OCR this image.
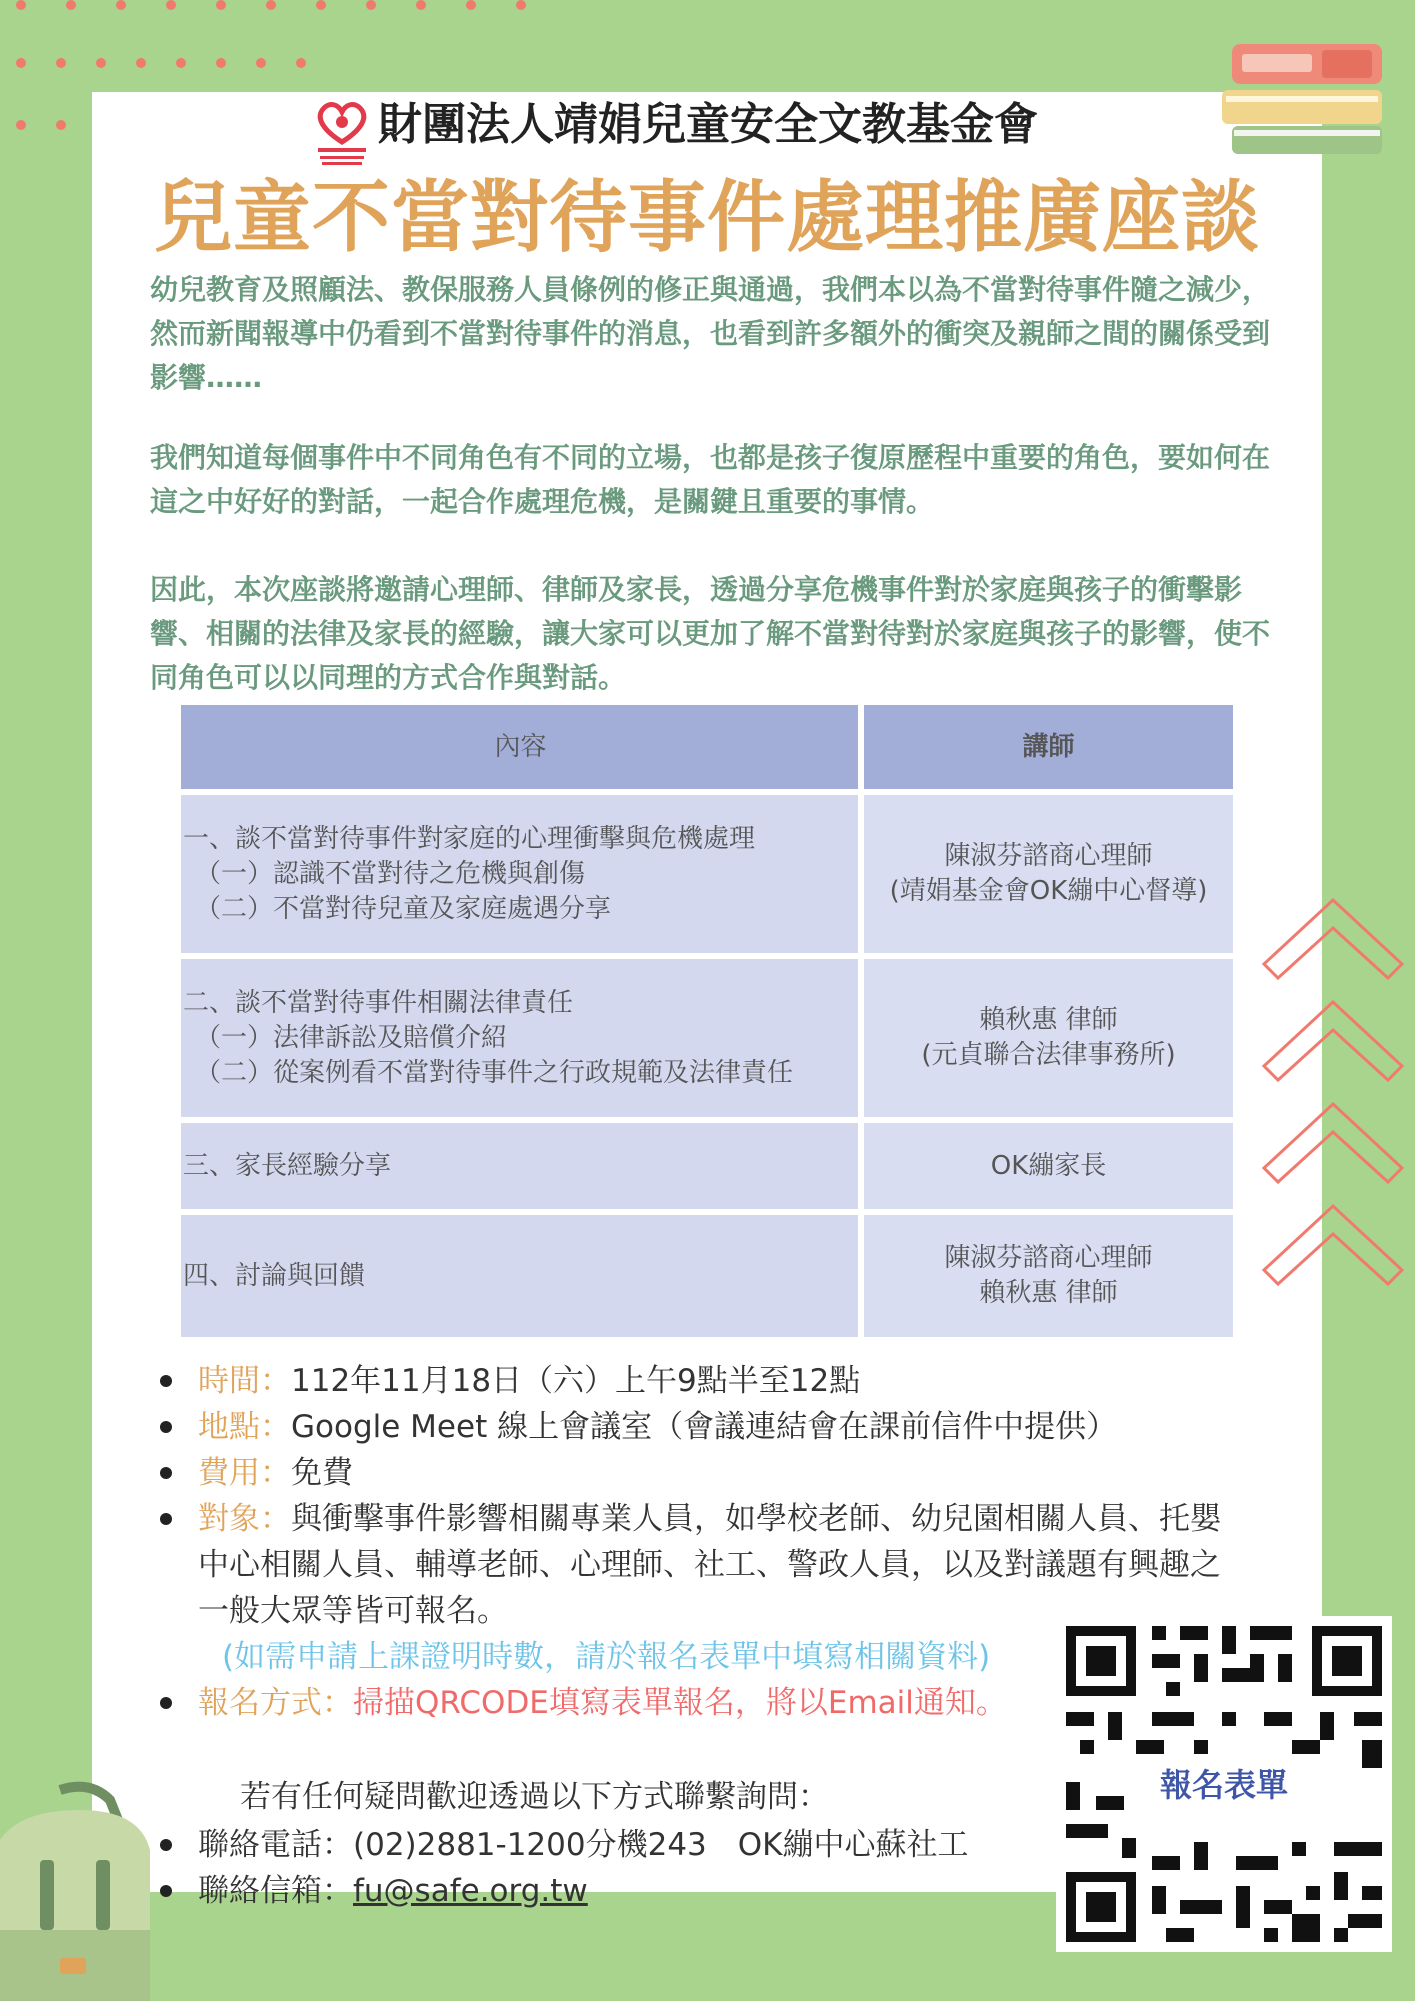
財團法人靖娟兒童安全文教基金會
兒童不當對待事件處理推廣座談

幼兒教育及照顧法、教保服務人員條例的修正與通過，我們本以為不當對待事件隨之減少，然而新聞報導中仍看到不當對待事件的消息，也看到許多額外的衝突及親師之間的關係受到影響……

我們知道每個事件中不同角色有不同的立場，也都是孩子復原歷程中重要的角色，要如何在這之中好好的對話，一起合作處理危機，是關鍵且重要的事情。

因此，本次座談將邀請心理師、律師及家長，透過分享危機事件對於家庭與孩子的衝擊影響、相關的法律及家長的經驗，讓大家可以更加了解不當對待對於家庭與孩子的影響，使不同角色可以以同理的方式合作與對話。

內容	講師
一、談不當對待事件對家庭的心理衝擊與危機處理
（一）認識不當對待之危機與創傷
（二）不當對待兒童及家庭處遇分享
陳淑芬諮商心理師
(靖娟基金會OK繃中心督導)
二、談不當對待事件相關法律責任
（一）法律訴訟及賠償介紹
（二）從案例看不當對待事件之行政規範及法律責任
賴秋惠 律師
(元貞聯合法律事務所)
三、家長經驗分享	OK繃家長
四、討論與回饋
陳淑芬諮商心理師
賴秋惠 律師
時間：112年11月18日（六）上午9點半至12點
地點：Google Meet 線上會議室（會議連結會在課前信件中提供）
費用：免費
對象：與衝擊事件影響相關專業人員，如學校老師、幼兒園相關人員、托嬰中心相關人員、輔導老師、心理師、社工、警政人員，以及對議題有興趣之一般大眾等皆可報名。
(如需申請上課證明時數，請於報名表單中填寫相關資料)
報名方式：掃描QRCODE填寫表單報名，將以Email通知。
若有任何疑問歡迎透過以下方式聯繫詢問：
聯絡電話：(02)2881-1200分機243　OK繃中心蘇社工
聯絡信箱：fu@safe.org.tw
報名表單
